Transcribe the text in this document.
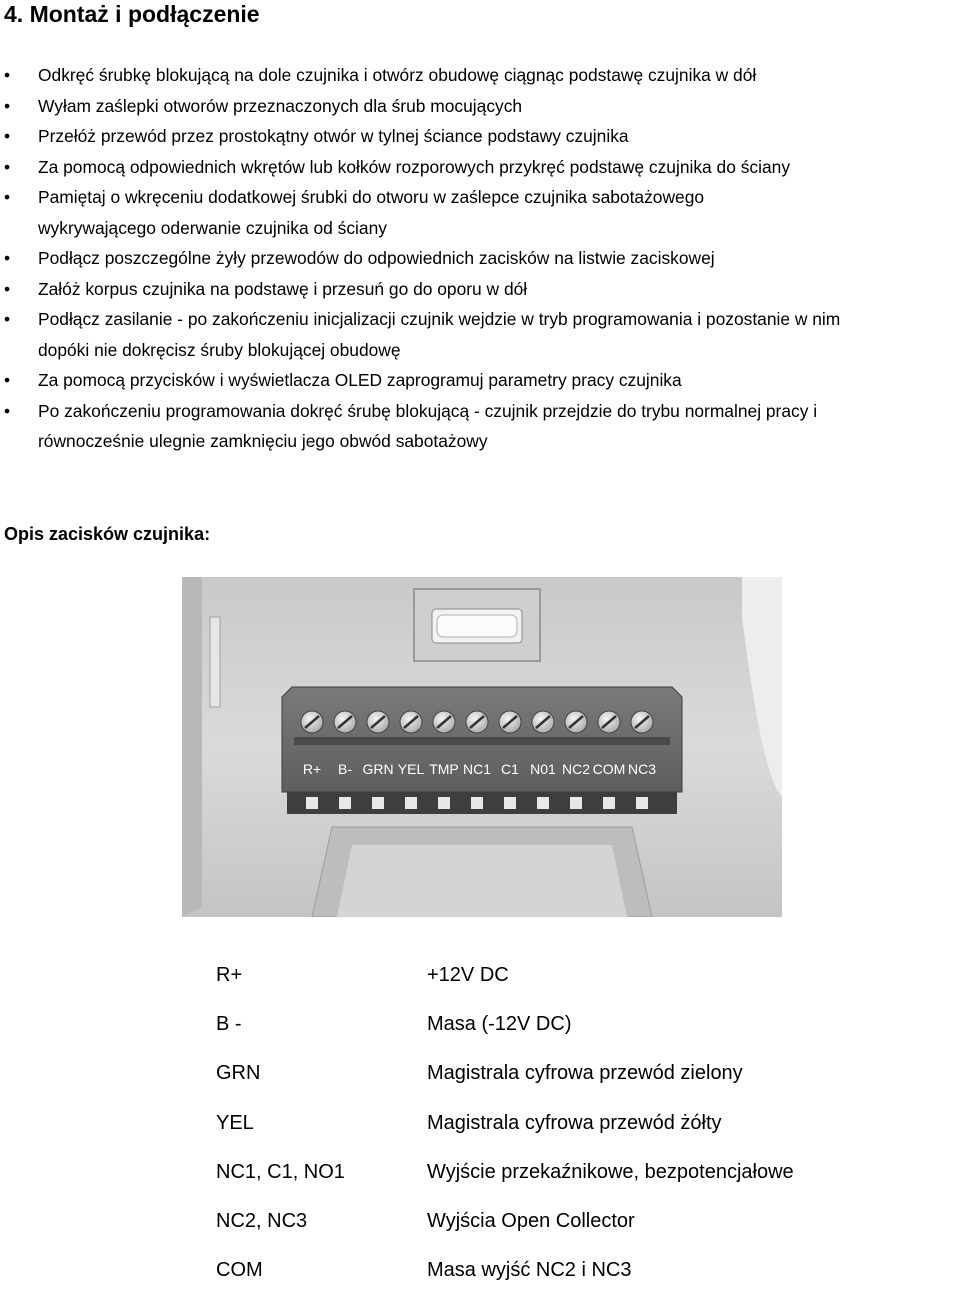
4. Montaż i podłączenie
• Odkręć śrubkę blokującą na dole czujnika i otwórz obudowę ciągnąc podstawę czujnika w dół
• Wyłam zaślepki otworów przeznaczonych dla śrub mocujących
• Przełóż przewód przez prostokątny otwór w tylnej ściance podstawy czujnika
• Za pomocą odpowiednich wkrętów lub kołków rozporowych przykręć podstawę czujnika do ściany
• Pamiętaj o wkręceniu dodatkowej śrubki do otworu w zaślepce czujnika sabotażowego
wykrywającego oderwanie czujnika od ściany
• Podłącz poszczególne żyły przewodów do odpowiednich zacisków na listwie zaciskowej
• Załóż korpus czujnika na podstawę i przesuń go do oporu w dół
• Podłącz zasilanie - po zakończeniu inicjalizacji czujnik wejdzie w tryb programowania i pozostanie w nim
dopóki nie dokręcisz śruby blokującej obudowę
• Za pomocą przycisków i wyświetlacza OLED zaprogramuj parametry pracy czujnika
• Po zakończeniu programowania dokręć śrubę blokującą - czujnik przejdzie do trybu normalnej pracy i
równocześnie ulegnie zamknięciu jego obwód sabotażowy
Opis zacisków czujnika:
R+ B- GRN YEL TMP NC1 C1 N01 NC2 COM NC3
R+	+12V DC
B -	Masa (-12V DC)
GRN	Magistrala cyfrowa przewód zielony
YEL	Magistrala cyfrowa przewód żółty
NC1, C1, NO1	Wyjście przekaźnikowe, bezpotencjałowe
NC2, NC3	Wyjścia Open Collector
COM	Masa wyjść NC2 i NC3
